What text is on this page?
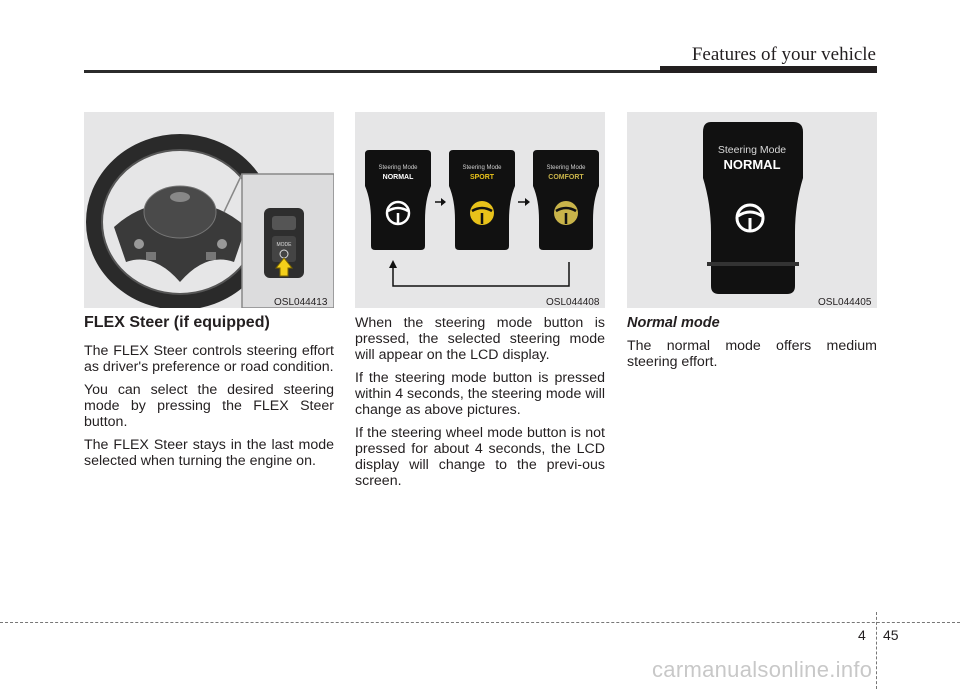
Features of your vehicle
MODE
OSL044413
Steering Mode
NORMAL
Steering Mode
SPORT
Steering Mode
COMFORT
OSL044408
Steering Mode
NORMAL
OSL044405
FLEX Steer (if equipped)

The FLEX Steer controls steering effort as driver's preference or road condition.

You can select the desired steering mode by pressing the FLEX Steer button.

The FLEX Steer stays in the last mode selected when turning the engine on.

When the steering mode button is pressed, the selected steering mode will appear on the LCD display.

If the steering mode button is pressed within 4 seconds, the steering mode will change as above pictures.

If the steering wheel mode button is not pressed for about 4 seconds, the LCD display will change to the previ-ous screen.

Normal mode

The normal mode offers medium steering effort.

4 45
carmanualsonline.info
